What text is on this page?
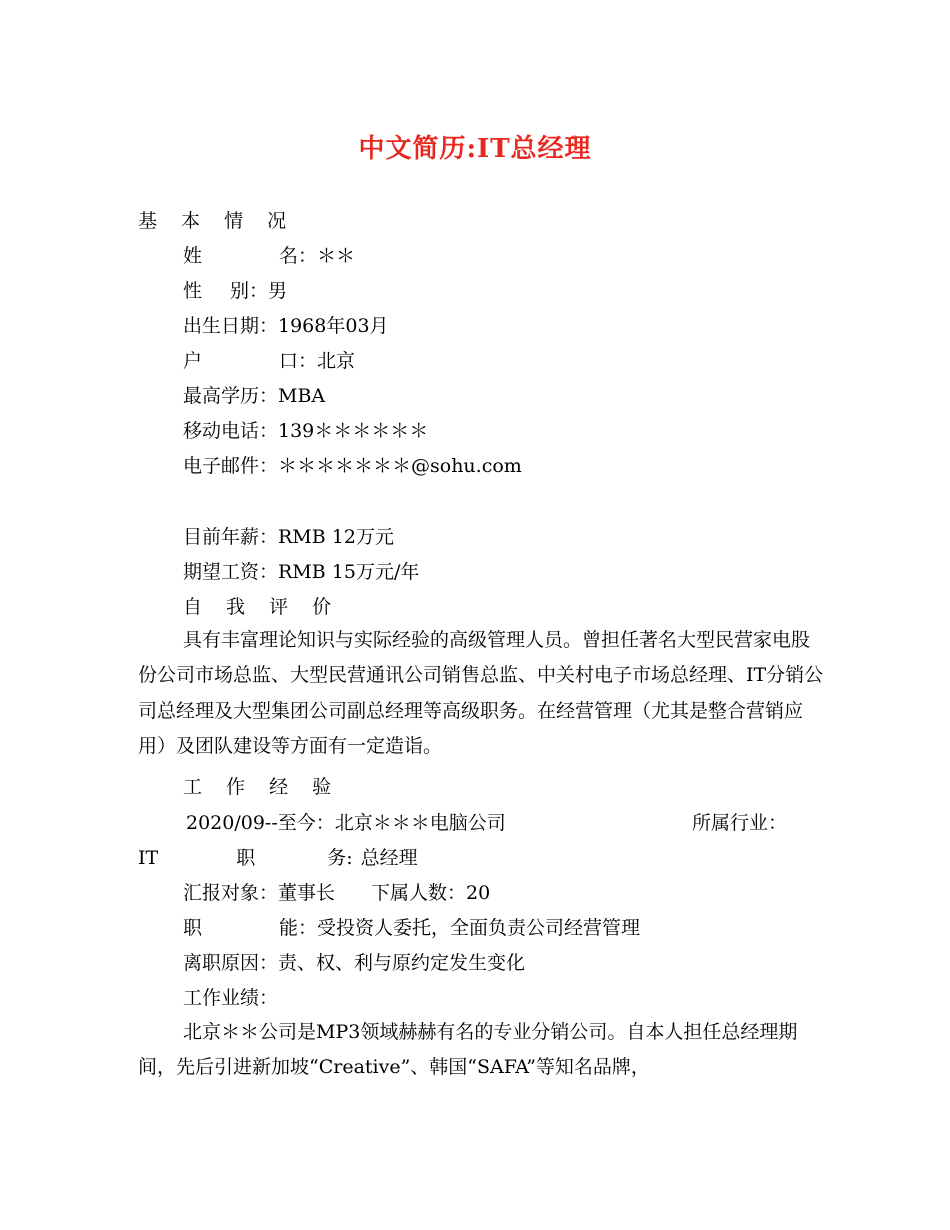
中文简历:IT总经理
基 本 情 况
姓	名：＊＊
性 别：男
出生日期：1968年03月
户	口：北京
最高学历：MBA
移动电话：139＊＊＊＊＊＊
电子邮件：＊＊＊＊＊＊＊@sohu.com
目前年薪：RMB 12万元
期望工资：RMB 15万元/年
自 我 评 价
具有丰富理论知识与实际经验的高级管理人员。曾担任著名大型民营家电股份公司市场总监、大型民营通讯公司销售总监、中关村电子市场总经理、IT分销公司总经理及大型集团公司副总经理等高级职务。在经营管理（尤其是整合营销应用）及团队建设等方面有一定造诣。
工 作 经 验
2020/09--至今：北京＊＊＊电脑公司	所属行业：
IT	职	务: 总经理
汇报对象：董事长 下属人数：20
职	能：受投资人委托，全面负责公司经营管理
离职原因：责、权、利与原约定发生变化
工作业绩：
北京＊＊公司是MP3领域赫赫有名的专业分销公司。自本人担任总经理期间，先后引进新加坡“Creative”、韩国“SAFA”等知名品牌，
